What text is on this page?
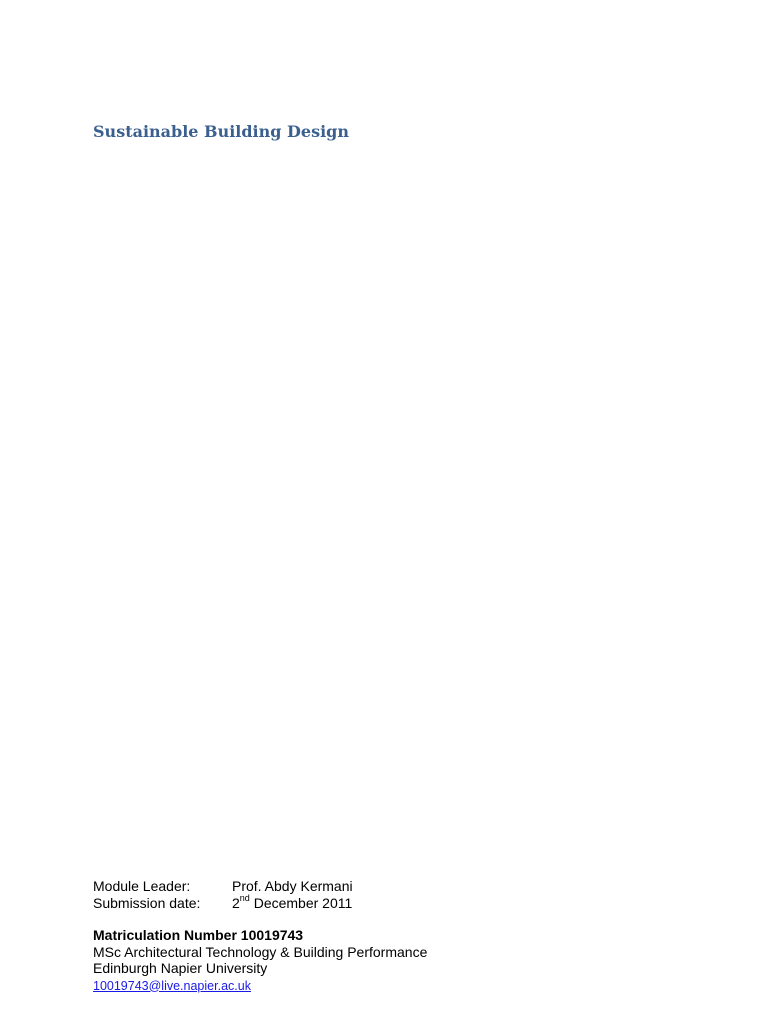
Sustainable Building Design
Module Leader:	Prof. Abdy Kermani
Submission date:	2nd December 2011
Matriculation Number 10019743
MSc Architectural Technology & Building Performance
Edinburgh Napier University
10019743@live.napier.ac.uk
